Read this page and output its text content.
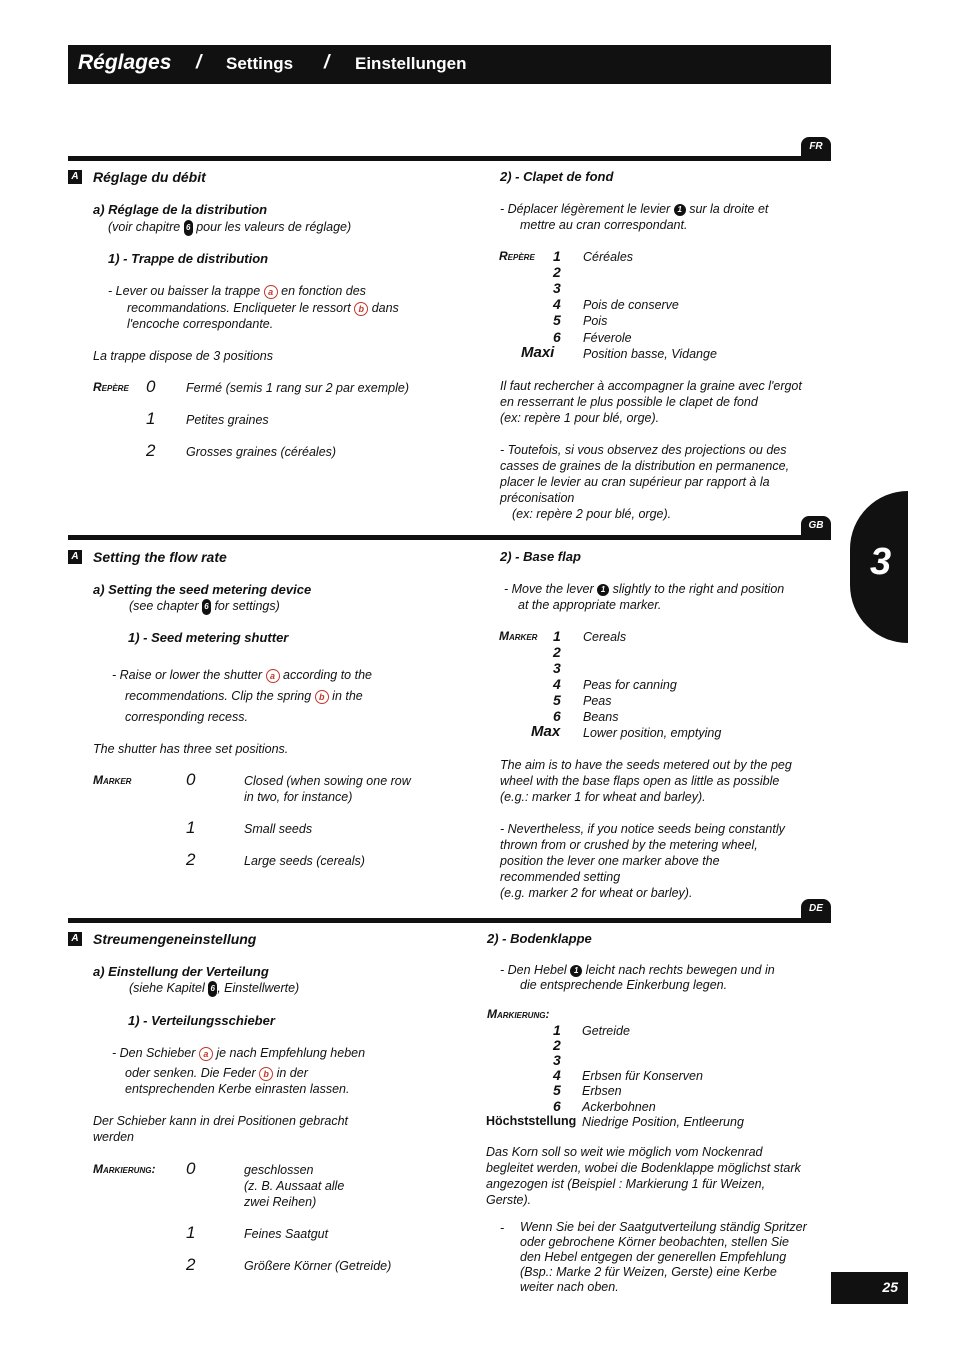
Réglages / Settings / Einstellungen
3
FR
A Réglage du débit
a) Réglage de la distribution
(voir chapitre 6 pour les valeurs de réglage)
1) - Trappe de distribution
- Lever ou baisser la trappe a en fonction des
recommandations. Encliqueter le ressort b dans
l'encoche correspondante.
La trappe dispose de 3 positions
Repère 0 Fermé (semis 1 rang sur 2 par exemple)
1 Petites graines
2 Grosses graines (céréales)
2) - Clapet de fond
- Déplacer légèrement le levier 1 sur la droite et
mettre au cran correspondant.
Repère 1 Céréales
2
3
4 Pois de conserve
5 Pois
6 Féverole
Maxi Position basse, Vidange
Il faut rechercher à accompagner la graine avec l'ergot
en resserrant le plus possible le clapet de fond
(ex: repère 1 pour blé, orge).
- Toutefois, si vous observez des projections ou des
casses de graines de la distribution en permanence,
placer le levier au cran supérieur par rapport à la
préconisation
(ex: repère 2 pour blé, orge).
GB
A Setting the flow rate
a) Setting the seed metering device
(see chapter 6 for settings)
1) - Seed metering shutter
- Raise or lower the shutter a according to the
recommendations. Clip the spring b in the
corresponding recess.
The shutter has three set positions.
Marker	0	Closed (when sowing one row
in two, for instance)
1	Small seeds
2	Large seeds (cereals)
2) - Base flap
- Move the lever 1 slightly to the right and position
at the appropriate marker.
Marker 1 Cereals
2
3
4 Peas for canning
5 Peas
6 Beans
Max Lower position, emptying
The aim is to have the seeds metered out by the peg
wheel with the base flaps open as little as possible
(e.g.: marker 1 for wheat and barley).
- Nevertheless, if you notice seeds being constantly
thrown from or crushed by the metering wheel,
position the lever one marker above the
recommended setting
(e.g. marker 2 for wheat or barley).
DE
A Streumengeneinstellung
a) Einstellung der Verteilung
(siehe Kapitel 6 , Einstellwerte)
1) - Verteilungsschieber
- Den Schieber a je nach Empfehlung heben
oder senken. Die Feder b in der
entsprechenden Kerbe einrasten lassen.
Der Schieber kann in drei Positionen gebracht
werden
Markierung: 0	geschlossen
(z. B. Aussaat alle
zwei Reihen)
1	Feines Saatgut
2	Größere Körner (Getreide)
2) - Bodenklappe
- Den Hebel 1 leicht nach rechts bewegen und in
die entsprechende Einkerbung legen.
Markierung:
1 Getreide
2
3
4 Erbsen für Konserven
5 Erbsen
6 Ackerbohnen
Höchststellung Niedrige Position, Entleerung
Das Korn soll so weit wie möglich vom Nockenrad
begleitet werden, wobei die Bodenklappe möglichst stark
angezogen ist (Beispiel : Markierung 1 für Weizen,
Gerste).
- Wenn Sie bei der Saatgutverteilung ständig Spritzer
oder gebrochene Körner beobachten, stellen Sie
den Hebel entgegen der generellen Empfehlung
(Bsp.: Marke 2 für Weizen, Gerste) eine Kerbe
weiter nach oben.	25
